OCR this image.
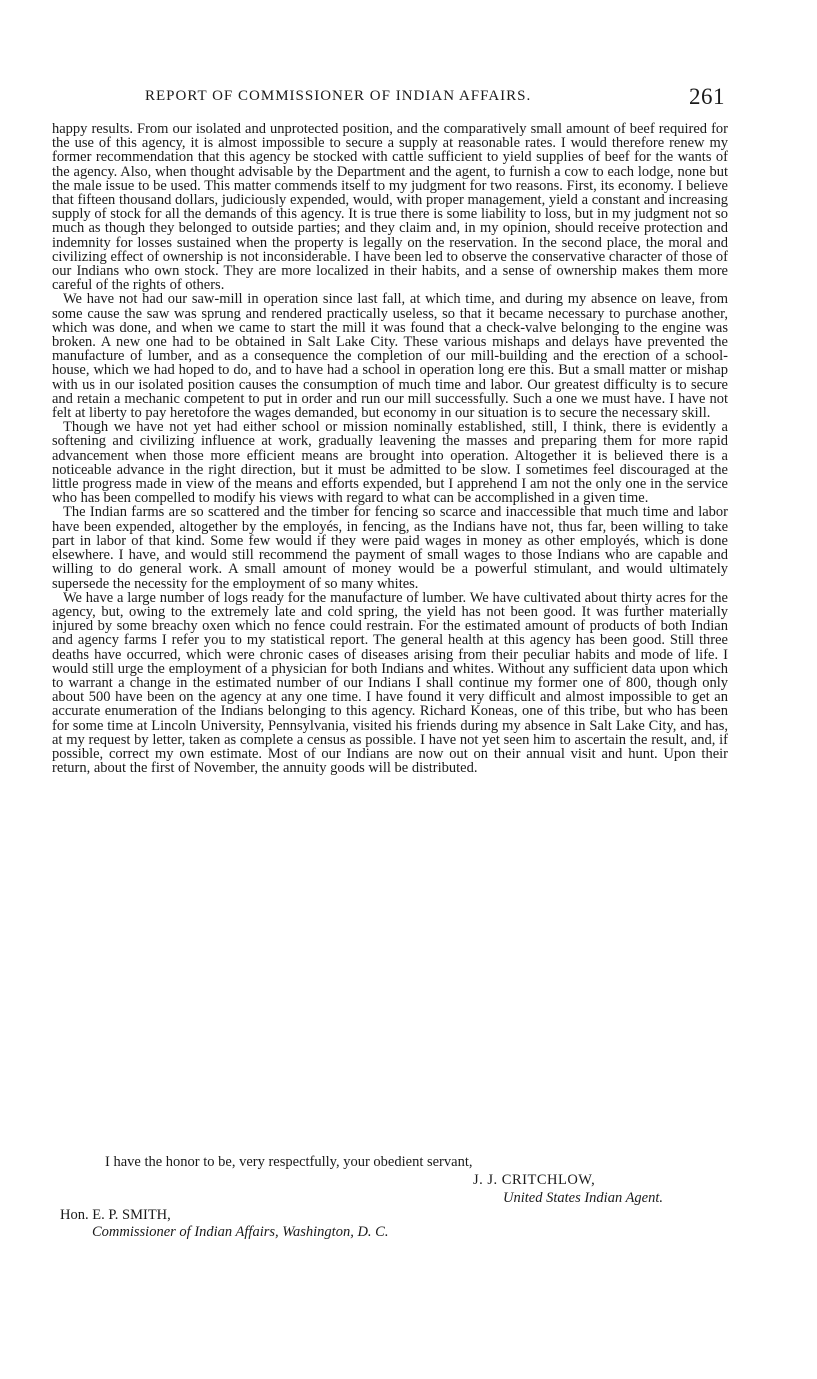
REPORT OF COMMISSIONER OF INDIAN AFFAIRS.	261

happy results. From our isolated and unprotected position, and the comparatively small amount of beef required for the use of this agency, it is almost impossible to secure a supply at reasonable rates. I would therefore renew my former recommendation that this agency be stocked with cattle sufficient to yield supplies of beef for the wants of the agency. Also, when thought advisable by the Department and the agent, to furnish a cow to each lodge, none but the male issue to be used. This matter commends itself to my judgment for two reasons. First, its economy. I believe that fifteen thousand dollars, judiciously expended, would, with proper management, yield a constant and increasing supply of stock for all the demands of this agency. It is true there is some liability to loss, but in my judgment not so much as though they belonged to outside parties; and they claim and, in my opinion, should receive protection and indemnity for losses sustained when the property is legally on the reservation. In the second place, the moral and civilizing effect of ownership is not inconsiderable. I have been led to observe the conservative character of those of our Indians who own stock. They are more localized in their habits, and a sense of ownership makes them more careful of the rights of others.

We have not had our saw-mill in operation since last fall, at which time, and during my absence on leave, from some cause the saw was sprung and rendered practically useless, so that it became necessary to purchase another, which was done, and when we came to start the mill it was found that a check-valve belonging to the engine was broken. A new one had to be obtained in Salt Lake City. These various mishaps and delays have prevented the manufacture of lumber, and as a consequence the completion of our mill-building and the erection of a school-house, which we had hoped to do, and to have had a school in operation long ere this. But a small matter or mishap with us in our isolated position causes the consumption of much time and labor. Our greatest difficulty is to secure and retain a mechanic competent to put in order and run our mill successfully. Such a one we must have. I have not felt at liberty to pay heretofore the wages demanded, but economy in our situation is to secure the necessary skill.

Though we have not yet had either school or mission nominally established, still, I think, there is evidently a softening and civilizing influence at work, gradually leavening the masses and preparing them for more rapid advancement when those more efficient means are brought into operation. Altogether it is believed there is a noticeable advance in the right direction, but it must be admitted to be slow. I sometimes feel discouraged at the little progress made in view of the means and efforts expended, but I apprehend I am not the only one in the service who has been compelled to modify his views with regard to what can be accomplished in a given time.

The Indian farms are so scattered and the timber for fencing so scarce and inaccessible that much time and labor have been expended, altogether by the employés, in fencing, as the Indians have not, thus far, been willing to take part in labor of that kind. Some few would if they were paid wages in money as other employés, which is done elsewhere. I have, and would still recommend the payment of small wages to those Indians who are capable and willing to do general work. A small amount of money would be a powerful stimulant, and would ultimately supersede the necessity for the employment of so many whites.

We have a large number of logs ready for the manufacture of lumber. We have cultivated about thirty acres for the agency, but, owing to the extremely late and cold spring, the yield has not been good. It was further materially injured by some breachy oxen which no fence could restrain. For the estimated amount of products of both Indian and agency farms I refer you to my statistical report. The general health at this agency has been good. Still three deaths have occurred, which were chronic cases of diseases arising from their peculiar habits and mode of life. I would still urge the employment of a physician for both Indians and whites. Without any sufficient data upon which to warrant a change in the estimated number of our Indians I shall continue my former one of 800, though only about 500 have been on the agency at any one time. I have found it very difficult and almost impossible to get an accurate enumeration of the Indians belonging to this agency. Richard Koneas, one of this tribe, but who has been for some time at Lincoln University, Pennsylvania, visited his friends during my absence in Salt Lake City, and has, at my request by letter, taken as complete a census as possible. I have not yet seen him to ascertain the result, and, if possible, correct my own estimate. Most of our Indians are now out on their annual visit and hunt. Upon their return, about the first of November, the annuity goods will be distributed.

I have the honor to be, very respectfully, your obedient servant,
J. J. CRITCHLOW,
United States Indian Agent.
Hon. E. P. SMITH,
Commissioner of Indian Affairs, Washington, D. C.
